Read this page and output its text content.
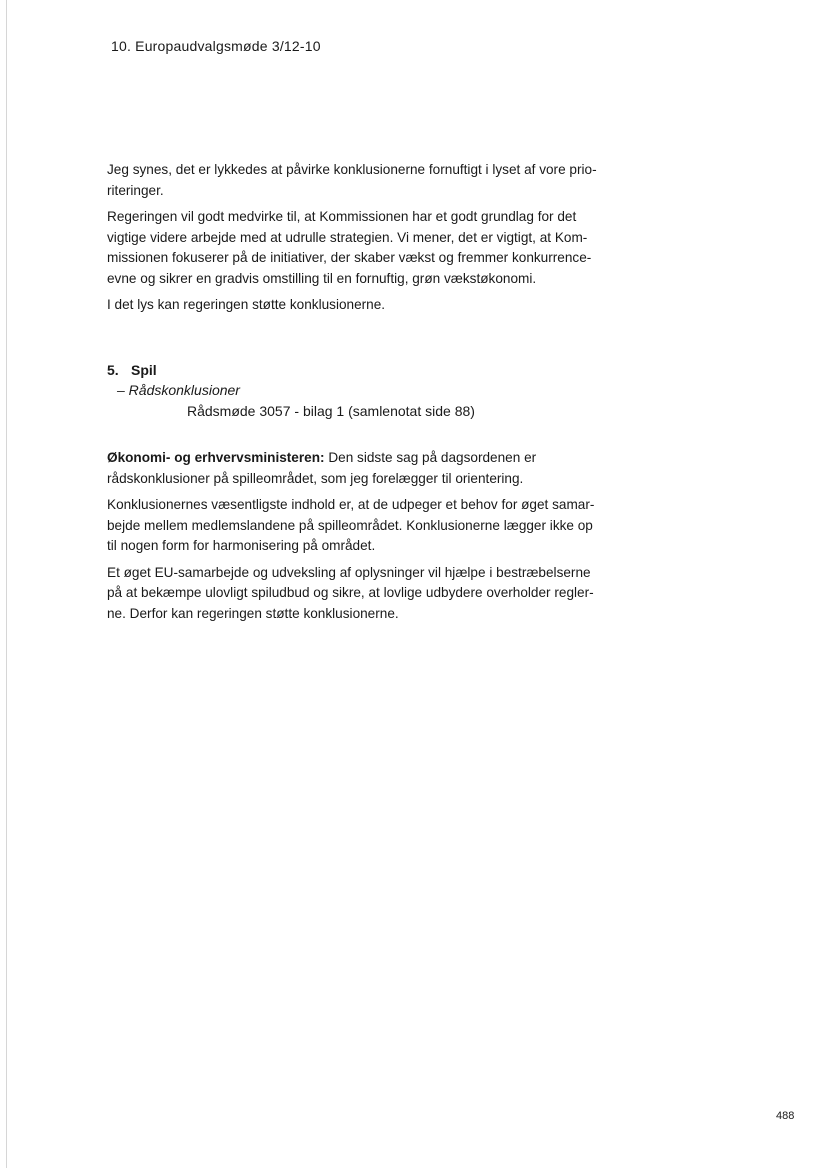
10. Europaudvalgsmøde 3/12-10

Jeg synes, det er lykkedes at påvirke konklusionerne fornuftigt i lyset af vore prioriteringer.

Regeringen vil godt medvirke til, at Kommissionen har et godt grundlag for det vigtige videre arbejde med at udrulle strategien. Vi mener, det er vigtigt, at Kommissionen fokuserer på de initiativer, der skaber vækst og fremmer konkurrenceevne og sikrer en gradvis omstilling til en fornuftig, grøn vækstøkonomi.

I det lys kan regeringen støtte konklusionerne.

5. Spil
– Rådskonklusioner
Rådsmøde 3057 - bilag 1 (samlenotat side 88)

Økonomi- og erhvervsministeren: Den sidste sag på dagsordenen er rådskonklusioner på spilleområdet, som jeg forelægger til orientering.

Konklusionernes væsentligste indhold er, at de udpeger et behov for øget samarbejde mellem medlemslandene på spilleområdet. Konklusionerne lægger ikke op til nogen form for harmonisering på området.

Et øget EU-samarbejde og udveksling af oplysninger vil hjælpe i bestræbelserne på at bekæmpe ulovligt spiludbud og sikre, at lovlige udbydere overholder reglerne. Derfor kan regeringen støtte konklusionerne.

488
